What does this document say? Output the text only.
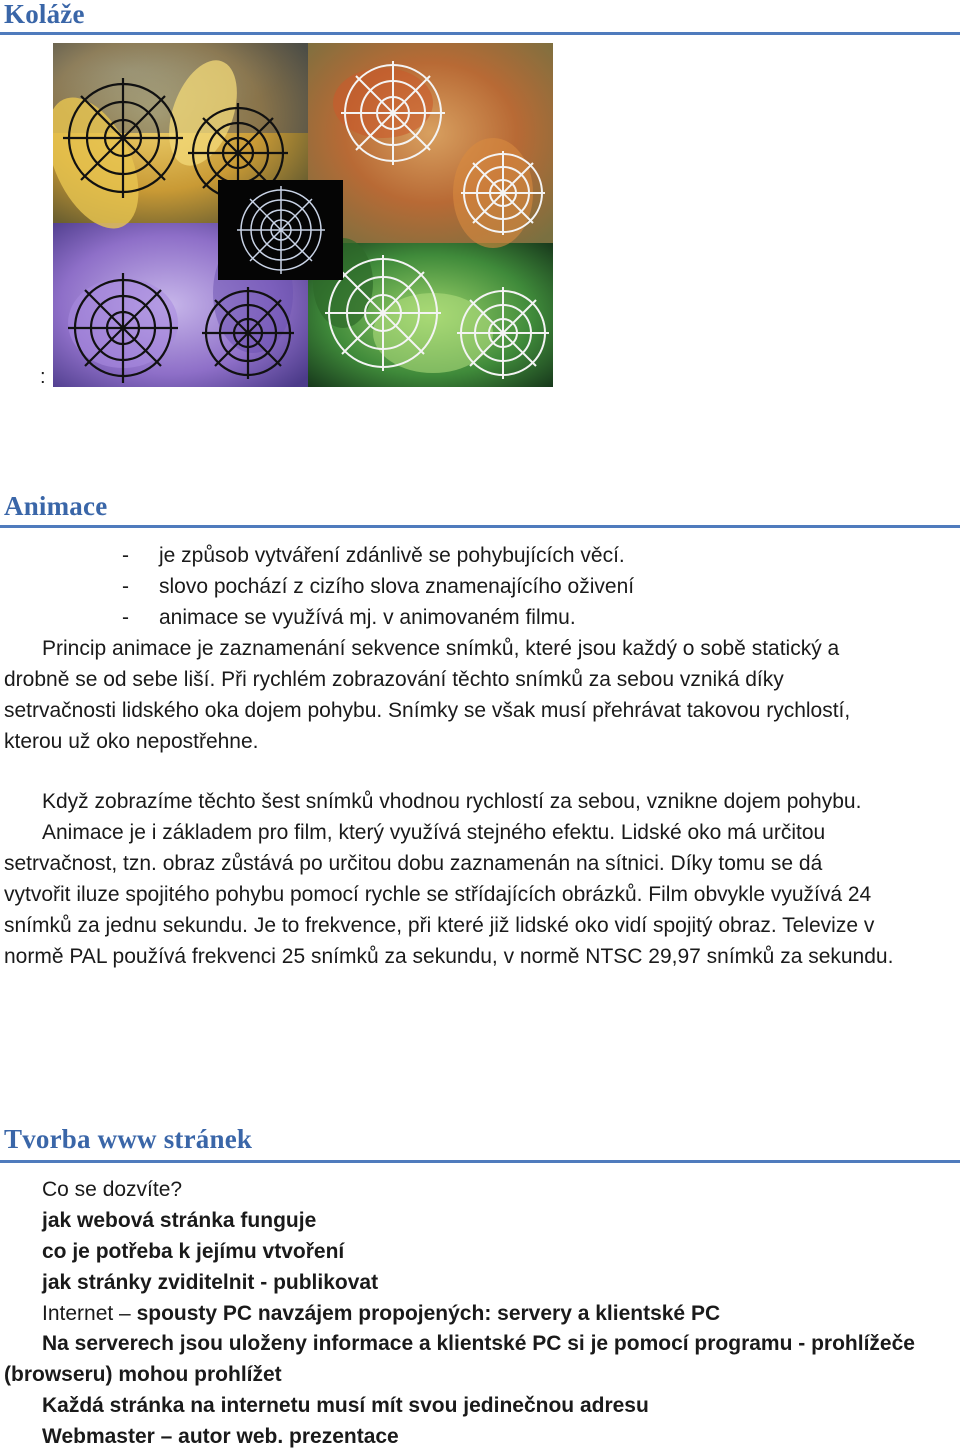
Koláže
:
Animace
- je způsob vytváření zdánlivě se pohybujících věcí.
- slovo pochází z cizího slova znamenajícího oživení
- animace se využívá mj. v animovaném filmu.
Princip animace je zaznamenání sekvence snímků, které jsou každý o sobě statický a
drobně se od sebe liší. Při rychlém zobrazování těchto snímků za sebou vzniká díky
setrvačnosti lidského oka dojem pohybu. Snímky se však musí přehrávat takovou rychlostí,
kterou už oko nepostřehne.
Když zobrazíme těchto šest snímků vhodnou rychlostí za sebou, vznikne dojem pohybu.
Animace je i základem pro film, který využívá stejného efektu. Lidské oko má určitou
setrvačnost, tzn. obraz zůstává po určitou dobu zaznamenán na sítnici. Díky tomu se dá
vytvořit iluze spojitého pohybu pomocí rychle se střídajících obrázků. Film obvykle využívá 24
snímků za jednu sekundu. Je to frekvence, při které již lidské oko vidí spojitý obraz. Televize v
normě PAL používá frekvenci 25 snímků za sekundu, v normě NTSC 29,97 snímků za sekundu.
Tvorba www stránek
Co se dozvíte?
jak webová stránka funguje
co je potřeba k jejímu vtvoření
jak stránky zviditelnit - publikovat
Internet – spousty PC navzájem propojených: servery a klientské PC
Na serverech jsou uloženy informace a klientské PC si je pomocí programu - prohlížeče
(browseru) mohou prohlížet
Každá stránka na internetu musí mít svou jedinečnou adresu
Webmaster – autor web. prezentace
